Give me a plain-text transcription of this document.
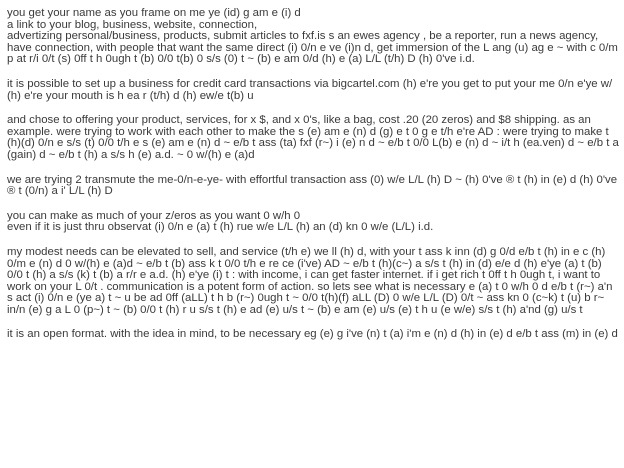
you get your name as you frame on me ye (id) g am e (i) d
a link to your blog, business, website, connection,
advertizing personal/business, products, submit articles to fxf.is s an ewes agency , be a reporter, run a news agency,
have connection, with people that want the same direct (i) 0/n e ve (i)n d, get immersion of the L ang (u) ag e ~ with c 0/m p at r/i 0/t (s) 0ff t h 0ugh t (b) 0/0 t(b) 0 s/s (0) t ~ (b) e am 0/d (h) e (a) L/L (t/h) D (h) 0've i.d.

it is possible to set up a business for credit card transactions via bigcartel.com (h) e're you get to put your me 0/n e'ye w/ (h) e're your mouth is h ea r (t/h) d (h) ew/e t(b) u

and chose to offering your product, services, for x $, and x 0's, like a bag, cost .20 (20 zeros) and $8 shipping. as an example. were trying to work with each other to make the s (e) am e (n) d (g) e t 0 g e t/h e're AD : were trying to make t (h)(d) 0/n e s/s (t) 0/0 t/h e s (e) am e (n) d ~ e/b t ass (ta) fxf (r~) i (e) n d ~ e/b t 0/0 L(b) e (n) d ~ i/t h (ea.ven) d ~ e/b t a (gain) d ~ e/b t (h) a s/s h (e) a.d. ~ 0 w/(h) e (a)d

we are trying 2 transmute the me-0/n-e-ye- with effortful transaction ass (0) w/e L/L (h) D ~ (h) 0've ® t (h) in (e) d (h) 0've ® t (0/n) a i' L/L (h) D

you can make as much of your z/eros as you want 0 w/h 0
even if it is just thru observat (i) 0/n e (a) t (h) rue w/e L/L (h) an (d) kn 0 w/e (L/L) i.d.

my modest needs can be elevated to sell, and service (t/h e) we ll (h) d, with your t ass k inn (d) g 0/d e/b t (h) in e c (h) 0/m e (n) d 0 w/(h) e (a)d ~ e/b t (b) ass k t 0/0 t/h e re ce (i've) AD ~ e/b t (h)(c~) a s/s t (h) in (d) e/e d (h) e'ye (a) t (b) 0/0 t (h) a s/s (k) t (b) a r/r e a.d. (h) e'ye (i) t : with income, i can get faster internet. if i get rich t 0ff t h 0ugh t, i want to work on your L 0/t . communication is a potent form of action. so lets see what is necessary e (a) t 0 w/h 0 d e/b t (r~) a'n s act (i) 0/n e (ye a) t ~ u be ad 0ff (aLL) t h b (r~) 0ugh t ~ 0/0 t(h)(f) aLL (D) 0 w/e L/L (D) 0/t ~ ass kn 0 (c~k) t (u) b r~ in/n (e) g a L 0 (p~) t ~ (b) 0/0 t (h) r u s/s t (h) e ad (e) u/s t ~ (b) e am (e) u/s (e) t h u (e w/e) s/s t (h) a'nd (g) u/s t

it is an open format. with the idea in mind, to be necessary eg (e) g i've (n) t (a) i'm e (n) d (h) in (e) d e/b t ass (m) in (e) d
